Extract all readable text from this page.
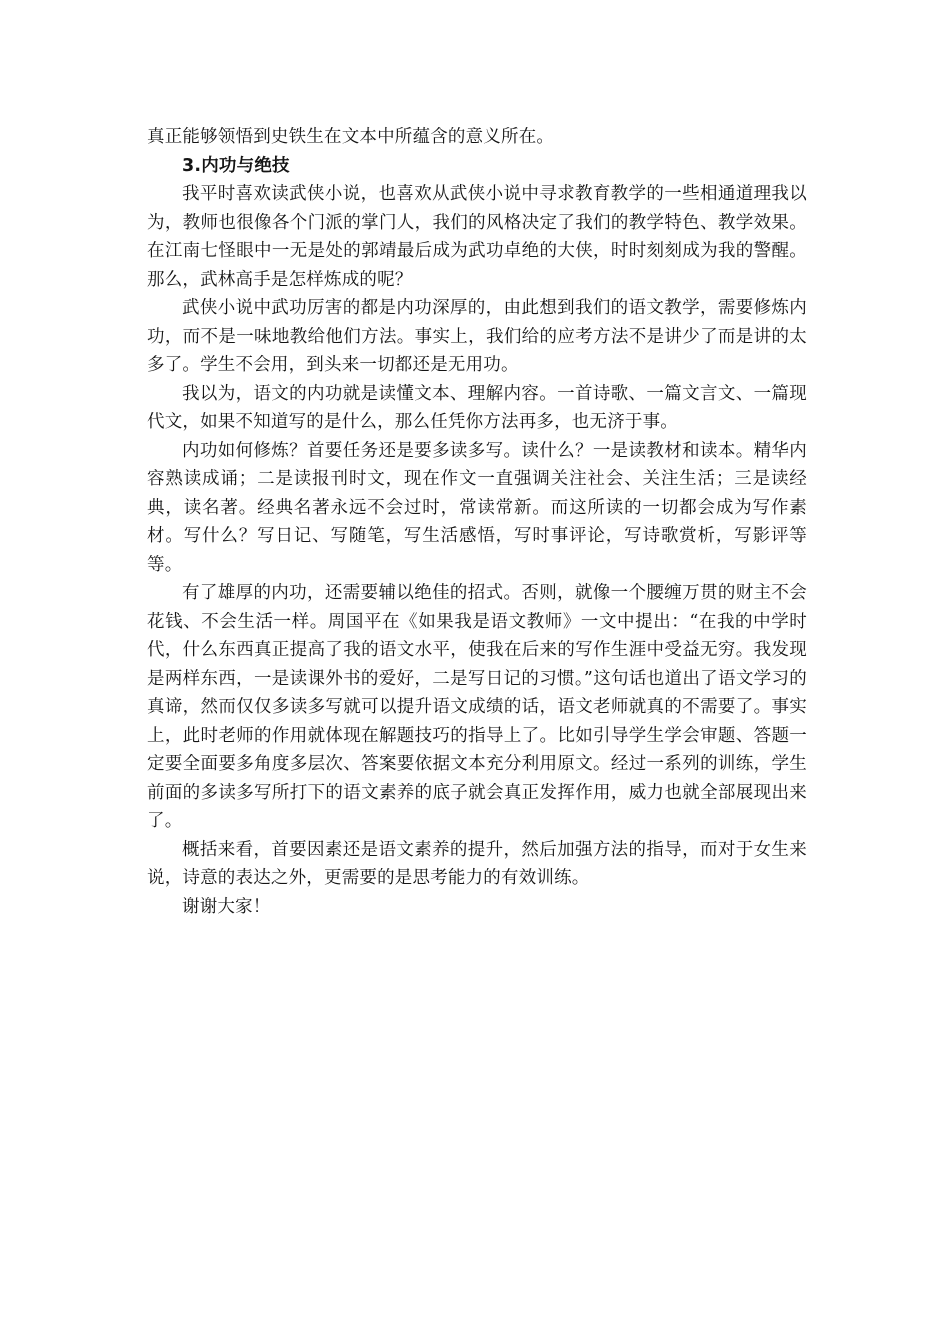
真正能够领悟到史铁生在文本中所蕴含的意义所在。

3.内功与绝技

我平时喜欢读武侠小说，也喜欢从武侠小说中寻求教育教学的一些相通道理我以为，教师也很像各个门派的掌门人，我们的风格决定了我们的教学特色、教学效果。在江南七怪眼中一无是处的郭靖最后成为武功卓绝的大侠，时时刻刻成为我的警醒。那么，武林高手是怎样炼成的呢？

武侠小说中武功厉害的都是内功深厚的，由此想到我们的语文教学，需要修炼内功，而不是一味地教给他们方法。事实上，我们给的应考方法不是讲少了而是讲的太多了。学生不会用，到头来一切都还是无用功。

我以为，语文的内功就是读懂文本、理解内容。一首诗歌、一篇文言文、一篇现代文，如果不知道写的是什么，那么任凭你方法再多，也无济于事。

内功如何修炼？首要任务还是要多读多写。读什么？一是读教材和读本。精华内容熟读成诵；二是读报刊时文，现在作文一直强调关注社会、关注生活；三是读经典，读名著。经典名著永远不会过时，常读常新。而这所读的一切都会成为写作素材。写什么？写日记、写随笔，写生活感悟，写时事评论，写诗歌赏析，写影评等等。

有了雄厚的内功，还需要辅以绝佳的招式。否则，就像一个腰缠万贯的财主不会花钱、不会生活一样。周国平在《如果我是语文教师》一文中提出：“在我的中学时代，什么东西真正提高了我的语文水平，使我在后来的写作生涯中受益无穷。我发现是两样东西，一是读课外书的爱好，二是写日记的习惯。”这句话也道出了语文学习的真谛，然而仅仅多读多写就可以提升语文成绩的话，语文老师就真的不需要了。事实上，此时老师的作用就体现在解题技巧的指导上了。比如引导学生学会审题、答题一定要全面要多角度多层次、答案要依据文本充分利用原文。经过一系列的训练，学生前面的多读多写所打下的语文素养的底子就会真正发挥作用，威力也就全部展现出来了。

概括来看，首要因素还是语文素养的提升，然后加强方法的指导，而对于女生来说，诗意的表达之外，更需要的是思考能力的有效训练。

谢谢大家！
